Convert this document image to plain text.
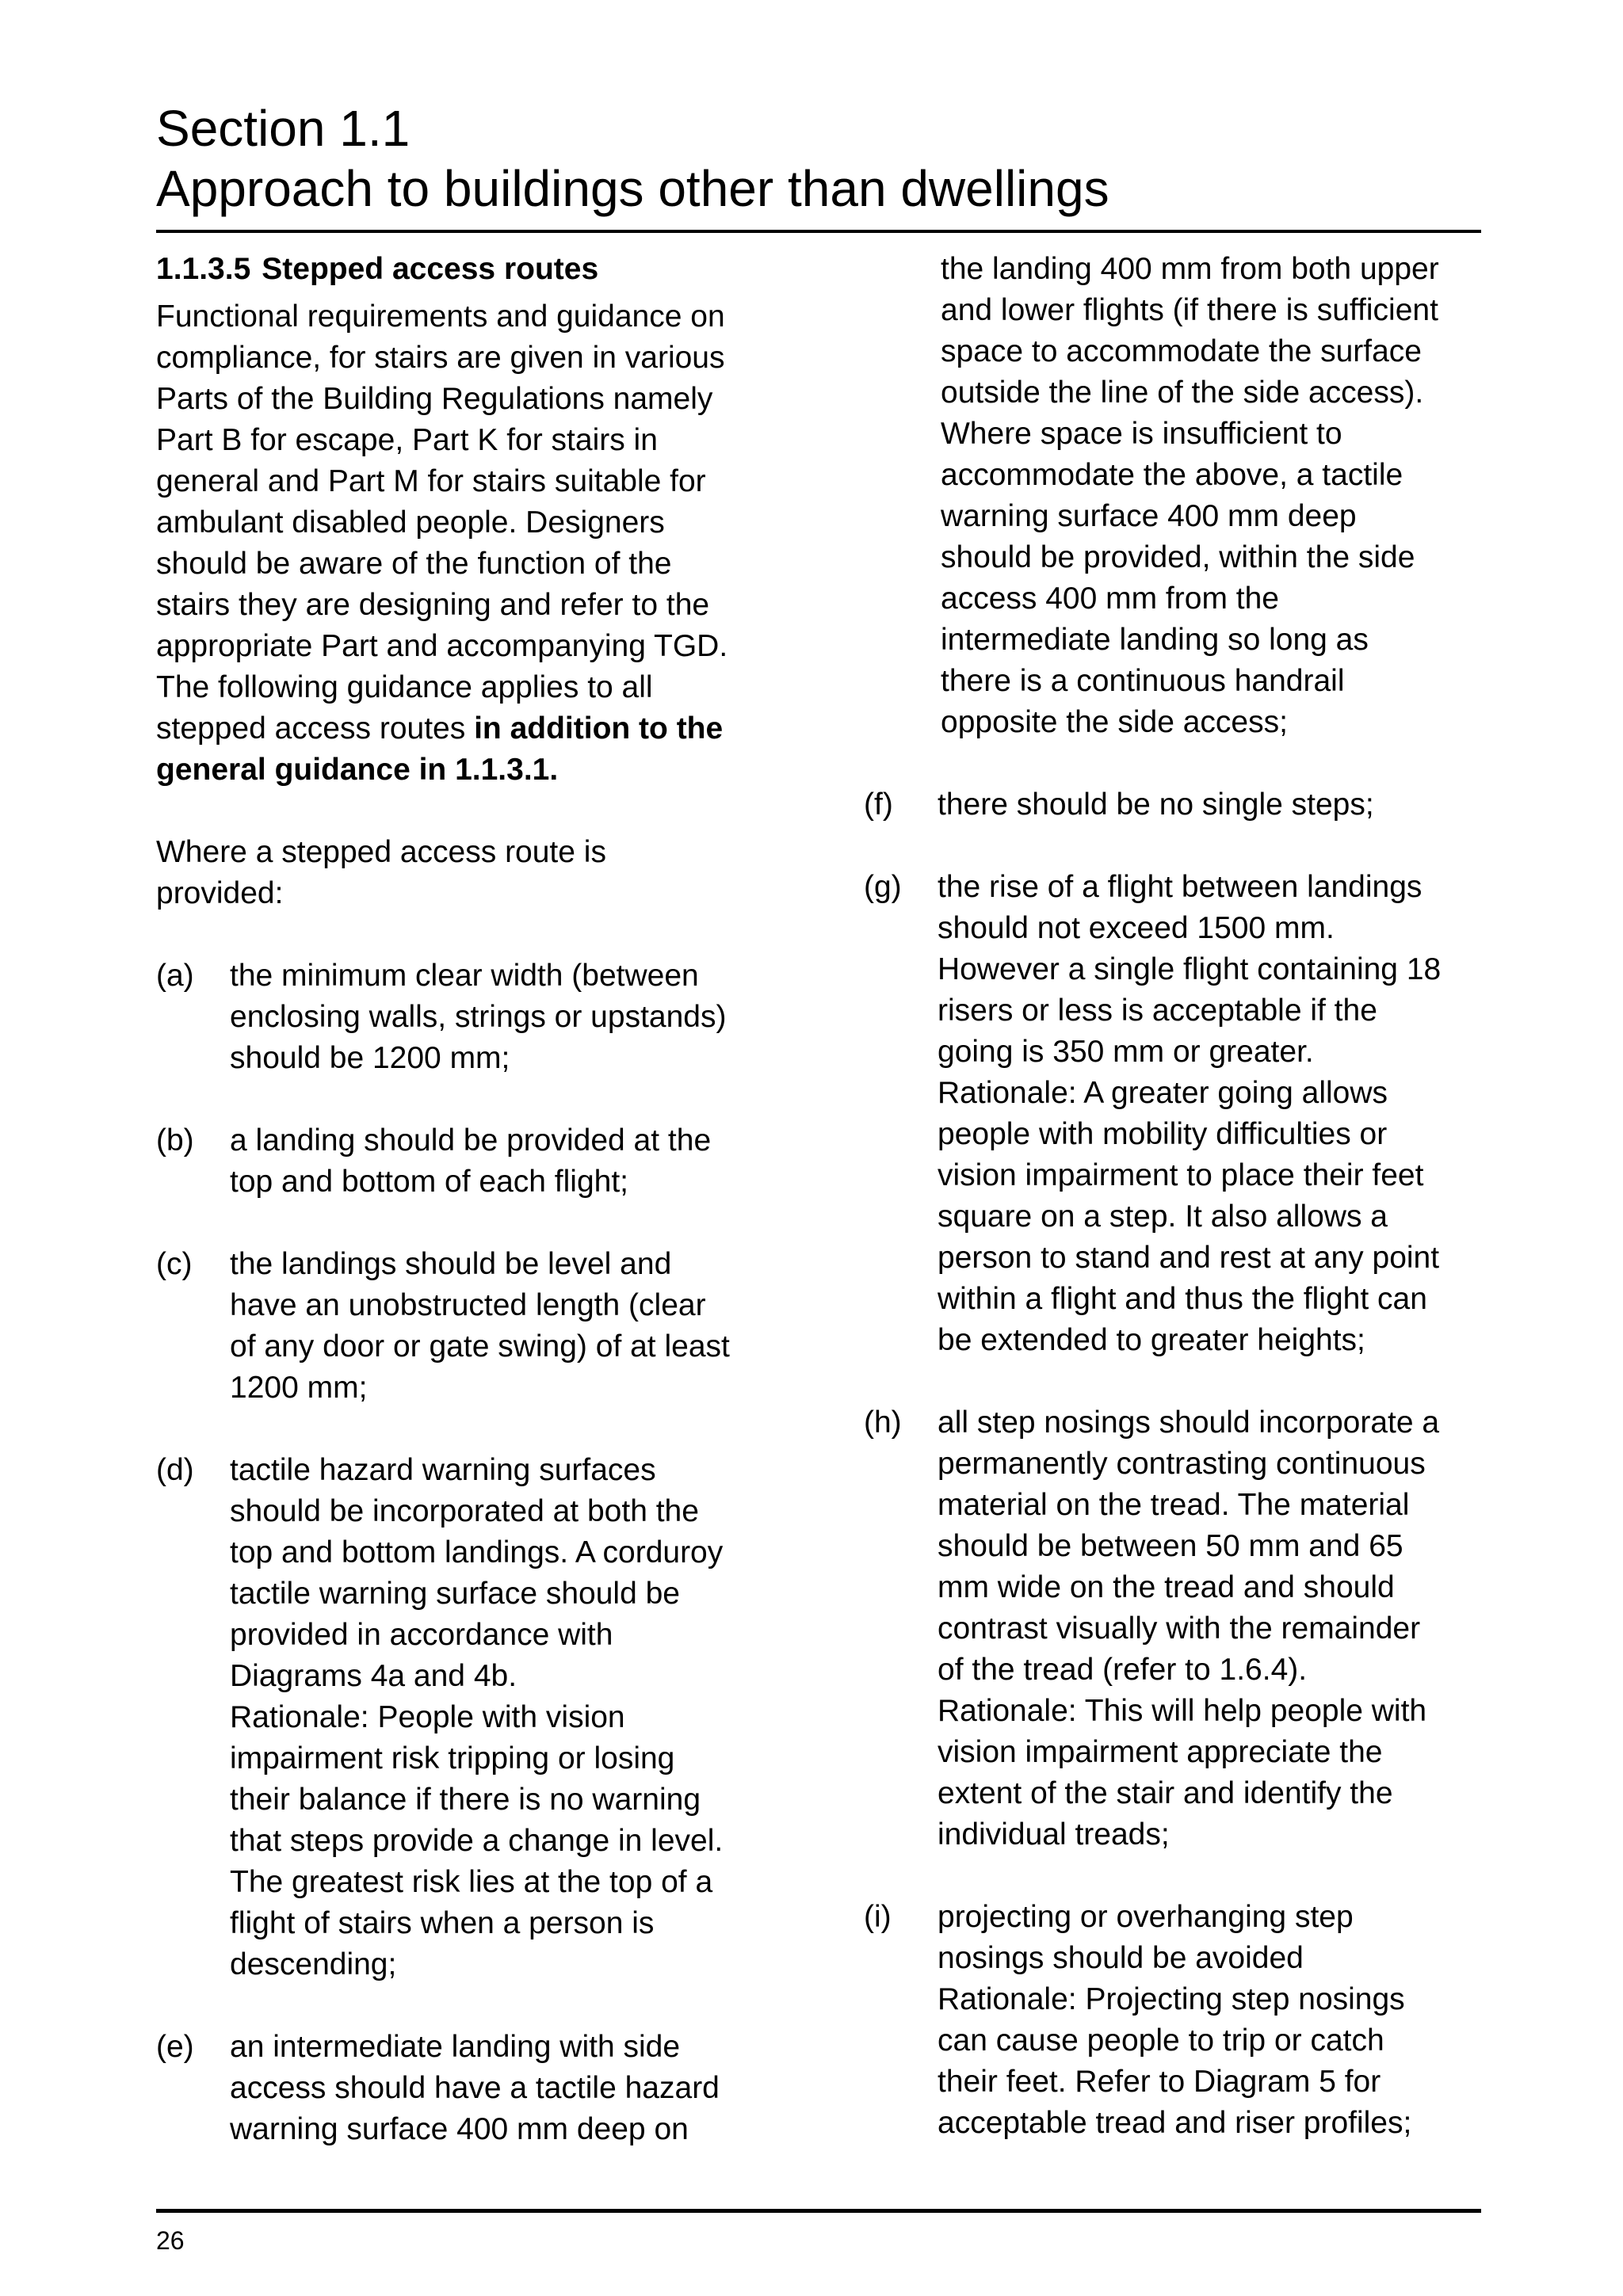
Section 1.1
Approach to buildings other than dwellings

1.1.3.5 Stepped access routes

Functional requirements and guidance on

compliance, for stairs are given in various

Parts of the Building Regulations namely

Part B for escape, Part K for stairs in

general and Part M for stairs suitable for

ambulant disabled people. Designers

should be aware of the function of the

stairs they are designing and refer to the

appropriate Part and accompanying TGD.

The following guidance applies to all

stepped access routes in addition to the

general guidance in 1.1.3.1.

Where a stepped access route is

provided:

(a)	the minimum clear width (between

enclosing walls, strings or upstands)

should be 1200 mm;

(b)	a landing should be provided at the

top and bottom of each flight;

(c)	the landings should be level and

have an unobstructed length (clear

of any door or gate swing) of at least

1200 mm;

(d)	tactile hazard warning surfaces

should be incorporated at both the

top and bottom landings. A corduroy

tactile warning surface should be

provided in accordance with

Diagrams 4a and 4b.

Rationale: People with vision

impairment risk tripping or losing

their balance if there is no warning

that steps provide a change in level.

The greatest risk lies at the top of a

flight of stairs when a person is

descending;

(e)	an intermediate landing with side

access should have a tactile hazard

warning surface 400 mm deep on

the landing 400 mm from both upper

and lower flights (if there is sufficient

space to accommodate the surface

outside the line of the side access).

Where space is insufficient to

accommodate the above, a tactile

warning surface 400 mm deep

should be provided, within the side

access 400 mm from the

intermediate landing so long as

there is a continuous handrail

opposite the side access;

(f)	there should be no single steps;

(g)	the rise of a flight between landings

should not exceed 1500 mm.

However a single flight containing 18

risers or less is acceptable if the

going is 350 mm or greater.

Rationale: A greater going allows

people with mobility difficulties or

vision impairment to place their feet

square on a step. It also allows a

person to stand and rest at any point

within a flight and thus the flight can

be extended to greater heights;

(h)	all step nosings should incorporate a

permanently contrasting continuous

material on the tread. The material

should be between 50 mm and 65

mm wide on the tread and should

contrast visually with the remainder

of the tread (refer to 1.6.4).

Rationale: This will help people with

vision impairment appreciate the

extent of the stair and identify the

individual treads;

(i)	projecting or overhanging step

nosings should be avoided

Rationale: Projecting step nosings

can cause people to trip or catch

their feet. Refer to Diagram 5 for

acceptable tread and riser profiles;

26
